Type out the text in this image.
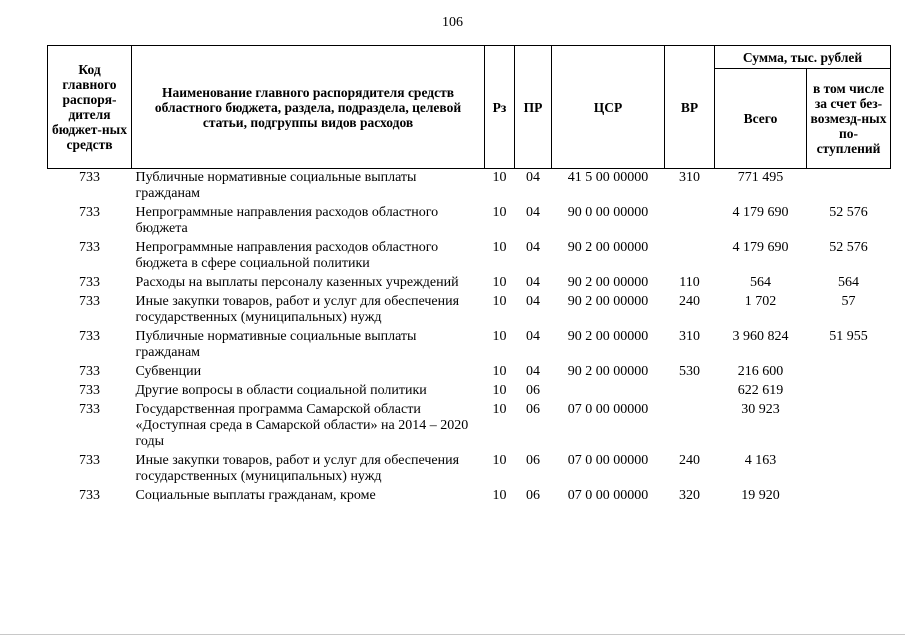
106
Код главного распоря-дителя бюджет-ных средств	Наименование главного распорядителя средств областного бюджета, раздела, подраздела, целевой статьи, подгруппы видов расходов	Рз	ПР	ЦСР	ВР	Сумма, тыс. рублей	
						Всего	в том числе за счет без-возмезд-ных по-ступлений
733	Публичные нормативные социальные выплаты гражданам	10	04	41 5 00 00000	310	771 495	
733	Непрограммные направления расходов областного бюджета	10	04	90 0 00 00000		4 179 690	52 576
733	Непрограммные направления расходов областного бюджета в сфере социальной политики	10	04	90 2 00 00000		4 179 690	52 576
733	Расходы на выплаты персоналу казенных учреждений	10	04	90 2 00 00000	110	564	564
733	Иные закупки товаров, работ и услуг для обеспечения государственных (муниципальных) нужд	10	04	90 2 00 00000	240	1 702	57
733	Публичные нормативные социальные выплаты гражданам	10	04	90 2 00 00000	310	3 960 824	51 955
733	Субвенции	10	04	90 2 00 00000	530	216 600	
733	Другие вопросы в области социальной политики	10	06			622 619	
733	Государственная программа Самарской области «Доступная среда в Самарской области» на 2014 – 2020 годы	10	06	07 0 00 00000		30 923	
733	Иные закупки товаров, работ и услуг для обеспечения государственных (муниципальных) нужд	10	06	07 0 00 00000	240	4 163	
733	Социальные выплаты гражданам, кроме	10	06	07 0 00 00000	320	19 920	
